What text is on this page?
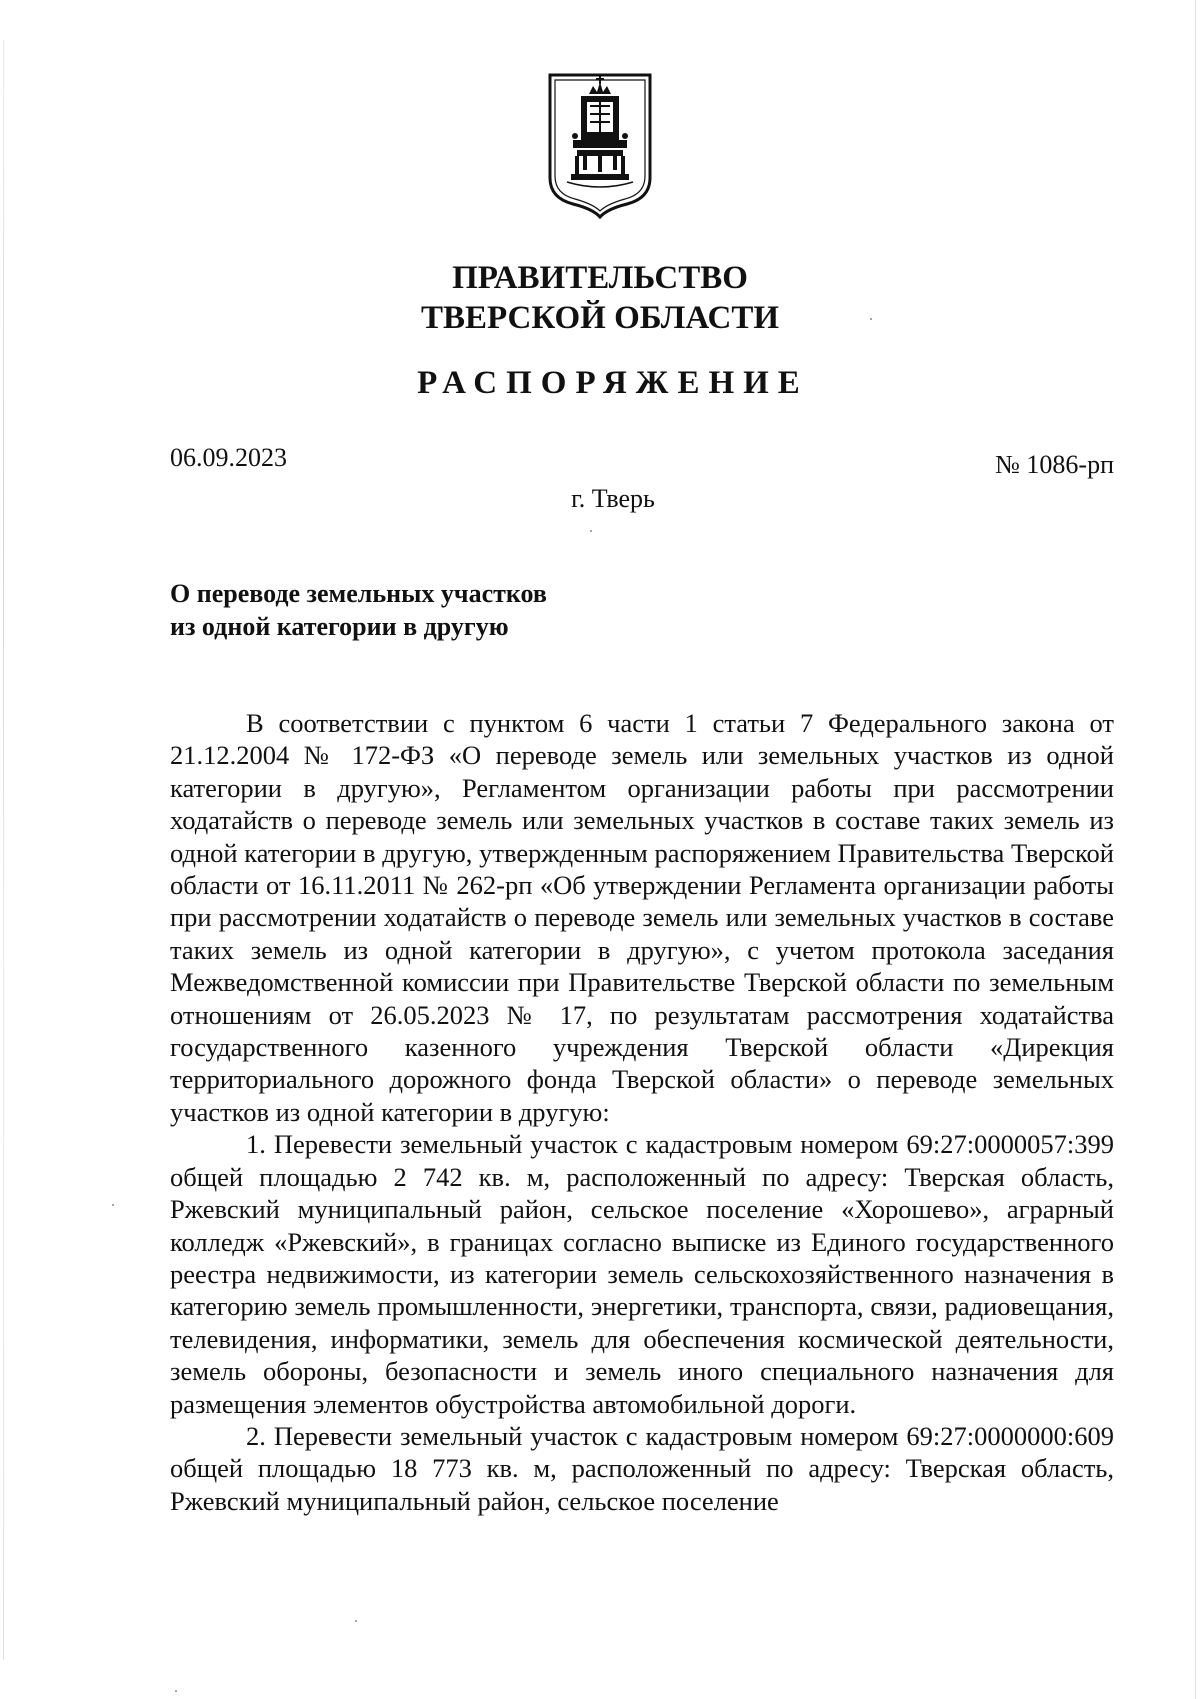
ПРАВИТЕЛЬСТВО
ТВЕРСКОЙ ОБЛАСТИ
РАСПОРЯЖЕНИЕ
06.09.2023	№ 1086-рп
г. Тверь
О переводе земельных участков
из одной категории в другую

В соответствии с пунктом 6 части 1 статьи 7 Федерального закона от 21.12.2004 № 172-ФЗ «О переводе земель или земельных участков из одной категории в другую», Регламентом организации работы при рассмотрении ходатайств о переводе земель или земельных участков в составе таких земель из одной категории в другую, утвержденным распоряжением Правительства Тверской области от 16.11.2011 № 262-рп «Об утверждении Регламента организации работы при рассмотрении ходатайств о переводе земель или земельных участков в составе таких земель из одной категории в другую», с учетом протокола заседания Межведомственной комиссии при Правительстве Тверской области по земельным отношениям от 26.05.2023 № 17, по результатам рассмотрения ходатайства государственного казенного учреждения Тверской области «Дирекция территориального дорожного фонда Тверской области» о переводе земельных участков из одной категории в другую:

1. Перевести земельный участок с кадастровым номером 69:27:0000057:399 общей площадью 2 742 кв. м, расположенный по адресу: Тверская область, Ржевский муниципальный район, сельское поселение «Хорошево», аграрный колледж «Ржевский», в границах согласно выписке из Единого государственного реестра недвижимости, из категории земель сельскохозяйственного назначения в категорию земель промышленности, энергетики, транспорта, связи, радиовещания, телевидения, информатики, земель для обеспечения космической деятельности, земель обороны, безопасности и земель иного специального назначения для размещения элементов обустройства автомобильной дороги.

2. Перевести земельный участок с кадастровым номером 69:27:0000000:609 общей площадью 18 773 кв. м, расположенный по адресу: Тверская область, Ржевский муниципальный район, сельское поселение
